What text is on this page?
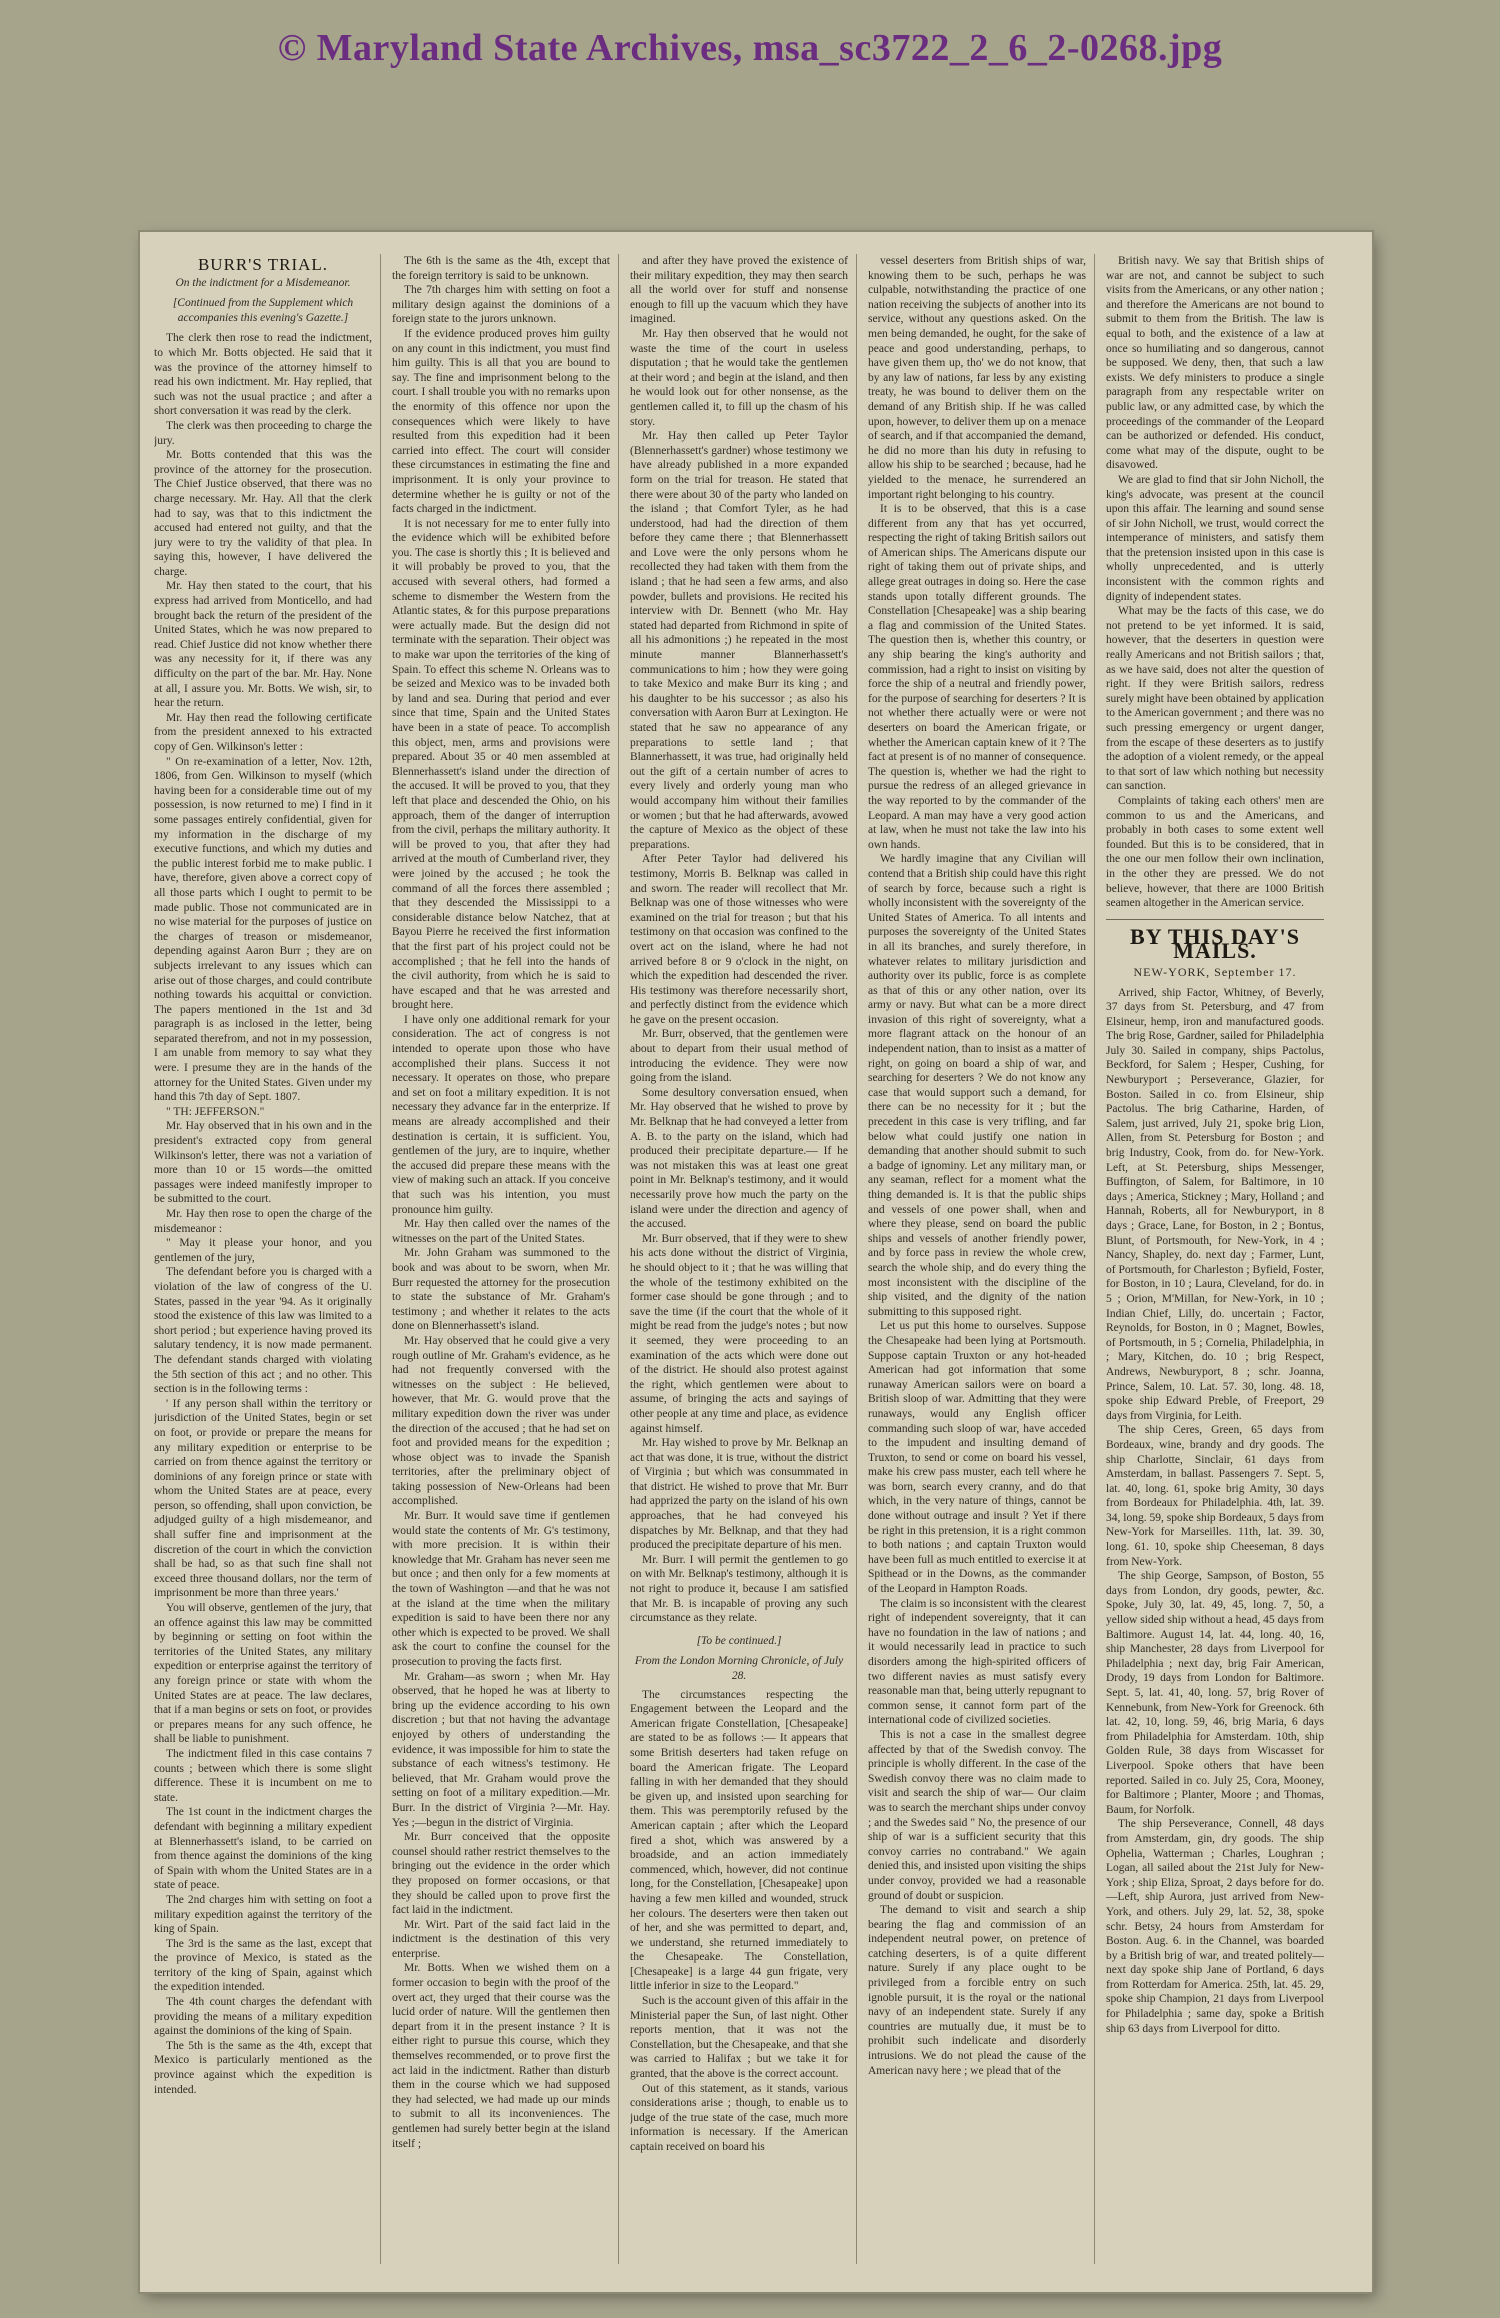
© Maryland State Archives, msa_sc3722_2_6_2-0268.jpg
BURR'S TRIAL.

On the indictment for a Misdemeanor.

[Continued from the Supplement which accompanies this evening's Gazette.]

The clerk then rose to read the indictment, to which Mr. Botts objected. He said that it was the province of the attorney himself to read his own indictment. Mr. Hay replied, that such was not the usual practice ; and after a short conversation it was read by the clerk.

The clerk was then proceeding to charge the jury.

Mr. Botts contended that this was the province of the attorney for the prosecution. The Chief Justice observed, that there was no charge necessary. Mr. Hay. All that the clerk had to say, was that to this indictment the accused had entered not guilty, and that the jury were to try the validity of that plea. In saying this, however, I have delivered the charge.

Mr. Hay then stated to the court, that his express had arrived from Monticello, and had brought back the return of the president of the United States, which he was now prepared to read. Chief Justice did not know whether there was any necessity for it, if there was any difficulty on the part of the bar. Mr. Hay. None at all, I assure you. Mr. Botts. We wish, sir, to hear the return.

Mr. Hay then read the following certificate from the president annexed to his extracted copy of Gen. Wilkinson's letter :

" On re-examination of a letter, Nov. 12th, 1806, from Gen. Wilkinson to myself (which having been for a considerable time out of my possession, is now returned to me) I find in it some passages entirely confidential, given for my information in the discharge of my executive functions, and which my duties and the public interest forbid me to make public. I have, therefore, given above a correct copy of all those parts which I ought to permit to be made public. Those not communicated are in no wise material for the purposes of justice on the charges of treason or misdemeanor, depending against Aaron Burr ; they are on subjects irrelevant to any issues which can arise out of those charges, and could contribute nothing towards his acquittal or conviction. The papers mentioned in the 1st and 3d paragraph is as inclosed in the letter, being separated therefrom, and not in my possession, I am unable from memory to say what they were. I presume they are in the hands of the attorney for the United States. Given under my hand this 7th day of Sept. 1807.

" TH: JEFFERSON."

Mr. Hay observed that in his own and in the president's extracted copy from general Wilkinson's letter, there was not a variation of more than 10 or 15 words—the omitted passages were indeed manifestly improper to be submitted to the court.

Mr. Hay then rose to open the charge of the misdemeanor :

" May it please your honor, and you gentlemen of the jury,

The defendant before you is charged with a violation of the law of congress of the U. States, passed in the year '94. As it originally stood the existence of this law was limited to a short period ; but experience having proved its salutary tendency, it is now made permanent. The defendant stands charged with violating the 5th section of this act ; and no other. This section is in the following terms :

' If any person shall within the territory or jurisdiction of the United States, begin or set on foot, or provide or prepare the means for any military expedition or enterprise to be carried on from thence against the territory or dominions of any foreign prince or state with whom the United States are at peace, every person, so offending, shall upon conviction, be adjudged guilty of a high misdemeanor, and shall suffer fine and imprisonment at the discretion of the court in which the conviction shall be had, so as that such fine shall not exceed three thousand dollars, nor the term of imprisonment be more than three years.'

You will observe, gentlemen of the jury, that an offence against this law may be committed by beginning or setting on foot within the territories of the United States, any military expedition or enterprise against the territory of any foreign prince or state with whom the United States are at peace. The law declares, that if a man begins or sets on foot, or provides or prepares means for any such offence, he shall be liable to punishment.

The indictment filed in this case contains 7 counts ; between which there is some slight difference. These it is incumbent on me to state.

The 1st count in the indictment charges the defendant with beginning a military expedient at Blennerhassett's island, to be carried on from thence against the dominions of the king of Spain with whom the United States are in a state of peace.

The 2nd charges him with setting on foot a military expedition against the territory of the king of Spain.

The 3rd is the same as the last, except that the province of Mexico, is stated as the territory of the king of Spain, against which the expedition intended.

The 4th count charges the defendant with providing the means of a military expedition against the dominions of the king of Spain.

The 5th is the same as the 4th, except that Mexico is particularly mentioned as the province against which the expedition is intended.

The 6th is the same as the 4th, except that the foreign territory is said to be unknown.

The 7th charges him with setting on foot a military design against the dominions of a foreign state to the jurors unknown.

If the evidence produced proves him guilty on any count in this indictment, you must find him guilty. This is all that you are bound to say. The fine and imprisonment belong to the court. I shall trouble you with no remarks upon the enormity of this offence nor upon the consequences which were likely to have resulted from this expedition had it been carried into effect. The court will consider these circumstances in estimating the fine and imprisonment. It is only your province to determine whether he is guilty or not of the facts charged in the indictment.

It is not necessary for me to enter fully into the evidence which will be exhibited before you. The case is shortly this ; It is believed and it will probably be proved to you, that the accused with several others, had formed a scheme to dismember the Western from the Atlantic states, & for this purpose preparations were actually made. But the design did not terminate with the separation. Their object was to make war upon the territories of the king of Spain. To effect this scheme N. Orleans was to be seized and Mexico was to be invaded both by land and sea. During that period and ever since that time, Spain and the United States have been in a state of peace. To accomplish this object, men, arms and provisions were prepared. About 35 or 40 men assembled at Blennerhassett's island under the direction of the accused. It will be proved to you, that they left that place and descended the Ohio, on his approach, them of the danger of interruption from the civil, perhaps the military authority. It will be proved to you, that after they had arrived at the mouth of Cumberland river, they were joined by the accused ; he took the command of all the forces there assembled ; that they descended the Mississippi to a considerable distance below Natchez, that at Bayou Pierre he received the first information that the first part of his project could not be accomplished ; that he fell into the hands of the civil authority, from which he is said to have escaped and that he was arrested and brought here.

I have only one additional remark for your consideration. The act of congress is not intended to operate upon those who have accomplished their plans. Success it not necessary. It operates on those, who prepare and set on foot a military expedition. It is not necessary they advance far in the enterprize. If means are already accomplished and their destination is certain, it is sufficient. You, gentlemen of the jury, are to inquire, whether the accused did prepare these means with the view of making such an attack. If you conceive that such was his intention, you must pronounce him guilty.

Mr. Hay then called over the names of the witnesses on the part of the United States.

Mr. John Graham was summoned to the book and was about to be sworn, when Mr. Burr requested the attorney for the prosecution to state the substance of Mr. Graham's testimony ; and whether it relates to the acts done on Blennerhassett's island.

Mr. Hay observed that he could give a very rough outline of Mr. Graham's evidence, as he had not frequently conversed with the witnesses on the subject : He believed, however, that Mr. G. would prove that the military expedition down the river was under the direction of the accused ; that he had set on foot and provided means for the expedition ; whose object was to invade the Spanish territories, after the preliminary object of taking possession of New-Orleans had been accomplished.

Mr. Burr. It would save time if gentlemen would state the contents of Mr. G's testimony, with more precision. It is within their knowledge that Mr. Graham has never seen me but once ; and then only for a few moments at the town of Washington —and that he was not at the island at the time when the military expedition is said to have been there nor any other which is expected to be proved. We shall ask the court to confine the counsel for the prosecution to proving the facts first.

Mr. Graham—as sworn ; when Mr. Hay observed, that he hoped he was at liberty to bring up the evidence according to his own discretion ; but that not having the advantage enjoyed by others of understanding the evidence, it was impossible for him to state the substance of each witness's testimony. He believed, that Mr. Graham would prove the setting on foot of a military expedition.—Mr. Burr. In the district of Virginia ?—Mr. Hay. Yes ;—begun in the district of Virginia.

Mr. Burr conceived that the opposite counsel should rather restrict themselves to the bringing out the evidence in the order which they proposed on former occasions, or that they should be called upon to prove first the fact laid in the indictment.

Mr. Wirt. Part of the said fact laid in the indictment is the destination of this very enterprise.

Mr. Botts. When we wished them on a former occasion to begin with the proof of the overt act, they urged that their course was the lucid order of nature. Will the gentlemen then depart from it in the present instance ? It is either right to pursue this course, which they themselves recommended, or to prove first the act laid in the indictment. Rather than disturb them in the course which we had supposed they had selected, we had made up our minds to submit to all its inconveniences. The gentlemen had surely better begin at the island itself ;

and after they have proved the existence of their military expedition, they may then search all the world over for stuff and nonsense enough to fill up the vacuum which they have imagined.

Mr. Hay then observed that he would not waste the time of the court in useless disputation ; that he would take the gentlemen at their word ; and begin at the island, and then he would look out for other nonsense, as the gentlemen called it, to fill up the chasm of his story.

Mr. Hay then called up Peter Taylor (Blennerhassett's gardner) whose testimony we have already published in a more expanded form on the trial for treason. He stated that there were about 30 of the party who landed on the island ; that Comfort Tyler, as he had understood, had had the direction of them before they came there ; that Blennerhassett and Love were the only persons whom he recollected they had taken with them from the island ; that he had seen a few arms, and also powder, bullets and provisions. He recited his interview with Dr. Bennett (who Mr. Hay stated had departed from Richmond in spite of all his admonitions ;) he repeated in the most minute manner Blannerhassett's communications to him ; how they were going to take Mexico and make Burr its king ; and his daughter to be his successor ; as also his conversation with Aaron Burr at Lexington. He stated that he saw no appearance of any preparations to settle land ; that Blannerhassett, it was true, had originally held out the gift of a certain number of acres to every lively and orderly young man who would accompany him without their families or women ; but that he had afterwards, avowed the capture of Mexico as the object of these preparations.

After Peter Taylor had delivered his testimony, Morris B. Belknap was called in and sworn. The reader will recollect that Mr. Belknap was one of those witnesses who were examined on the trial for treason ; but that his testimony on that occasion was confined to the overt act on the island, where he had not arrived before 8 or 9 o'clock in the night, on which the expedition had descended the river. His testimony was therefore necessarily short, and perfectly distinct from the evidence which he gave on the present occasion.

Mr. Burr, observed, that the gentlemen were about to depart from their usual method of introducing the evidence. They were now going from the island.

Some desultory conversation ensued, when Mr. Hay observed that he wished to prove by Mr. Belknap that he had conveyed a letter from A. B. to the party on the island, which had produced their precipitate departure.— If he was not mistaken this was at least one great point in Mr. Belknap's testimony, and it would necessarily prove how much the party on the island were under the direction and agency of the accused.

Mr. Burr observed, that if they were to shew his acts done without the district of Virginia, he should object to it ; that he was willing that the whole of the testimony exhibited on the former case should be gone through ; and to save the time (if the court that the whole of it might be read from the judge's notes ; but now it seemed, they were proceeding to an examination of the acts which were done out of the district. He should also protest against the right, which gentlemen were about to assume, of bringing the acts and sayings of other people at any time and place, as evidence against himself.

Mr. Hay wished to prove by Mr. Belknap an act that was done, it is true, without the district of Virginia ; but which was consummated in that district. He wished to prove that Mr. Burr had apprized the party on the island of his own approaches, that he had conveyed his dispatches by Mr. Belknap, and that they had produced the precipitate departure of his men.

Mr. Burr. I will permit the gentlemen to go on with Mr. Belknap's testimony, although it is not right to produce it, because I am satisfied that Mr. B. is incapable of proving any such circumstance as they relate.

[To be continued.]

From the London Morning Chronicle, of July 28.

The circumstances respecting the Engagement between the Leopard and the American frigate Constellation, [Chesapeake] are stated to be as follows :— It appears that some British deserters had taken refuge on board the American frigate. The Leopard falling in with her demanded that they should be given up, and insisted upon searching for them. This was peremptorily refused by the American captain ; after which the Leopard fired a shot, which was answered by a broadside, and an action immediately commenced, which, however, did not continue long, for the Constellation, [Chesapeake] upon having a few men killed and wounded, struck her colours. The deserters were then taken out of her, and she was permitted to depart, and, we understand, she returned immediately to the Chesapeake. The Constellation, [Chesapeake] is a large 44 gun frigate, very little inferior in size to the Leopard."

Such is the account given of this affair in the Ministerial paper the Sun, of last night. Other reports mention, that it was not the Constellation, but the Chesapeake, and that she was carried to Halifax ; but we take it for granted, that the above is the correct account.

Out of this statement, as it stands, various considerations arise ; though, to enable us to judge of the true state of the case, much more information is necessary. If the American captain received on board his

vessel deserters from British ships of war, knowing them to be such, perhaps he was culpable, notwithstanding the practice of one nation receiving the subjects of another into its service, without any questions asked. On the men being demanded, he ought, for the sake of peace and good understanding, perhaps, to have given them up, tho' we do not know, that by any law of nations, far less by any existing treaty, he was bound to deliver them on the demand of any British ship. If he was called upon, however, to deliver them up on a menace of search, and if that accompanied the demand, he did no more than his duty in refusing to allow his ship to be searched ; because, had he yielded to the menace, he surrendered an important right belonging to his country.

It is to be observed, that this is a case different from any that has yet occurred, respecting the right of taking British sailors out of American ships. The Americans dispute our right of taking them out of private ships, and allege great outrages in doing so. Here the case stands upon totally different grounds. The Constellation [Chesapeake] was a ship bearing a flag and commission of the United States. The question then is, whether this country, or any ship bearing the king's authority and commission, had a right to insist on visiting by force the ship of a neutral and friendly power, for the purpose of searching for deserters ? It is not whether there actually were or were not deserters on board the American frigate, or whether the American captain knew of it ? The fact at present is of no manner of consequence. The question is, whether we had the right to pursue the redress of an alleged grievance in the way reported to by the commander of the Leopard. A man may have a very good action at law, when he must not take the law into his own hands.

We hardly imagine that any Civilian will contend that a British ship could have this right of search by force, because such a right is wholly inconsistent with the sovereignty of the United States of America. To all intents and purposes the sovereignty of the United States in all its branches, and surely therefore, in whatever relates to military jurisdiction and authority over its public, force is as complete as that of this or any other nation, over its army or navy. But what can be a more direct invasion of this right of sovereignty, what a more flagrant attack on the honour of an independent nation, than to insist as a matter of right, on going on board a ship of war, and searching for deserters ? We do not know any case that would support such a demand, for there can be no necessity for it ; but the precedent in this case is very trifling, and far below what could justify one nation in demanding that another should submit to such a badge of ignominy. Let any military man, or any seaman, reflect for a moment what the thing demanded is. It is that the public ships and vessels of one power shall, when and where they please, send on board the public ships and vessels of another friendly power, and by force pass in review the whole crew, search the whole ship, and do every thing the most inconsistent with the discipline of the ship visited, and the dignity of the nation submitting to this supposed right.

Let us put this home to ourselves. Suppose the Chesapeake had been lying at Portsmouth. Suppose captain Truxton or any hot-headed American had got information that some runaway American sailors were on board a British sloop of war. Admitting that they were runaways, would any English officer commanding such sloop of war, have acceded to the impudent and insulting demand of Truxton, to send or come on board his vessel, make his crew pass muster, each tell where he was born, search every cranny, and do that which, in the very nature of things, cannot be done without outrage and insult ? Yet if there be right in this pretension, it is a right common to both nations ; and captain Truxton would have been full as much entitled to exercise it at Spithead or in the Downs, as the commander of the Leopard in Hampton Roads.

The claim is so inconsistent with the clearest right of independent sovereignty, that it can have no foundation in the law of nations ; and it would necessarily lead in practice to such disorders among the high-spirited officers of two different navies as must satisfy every reasonable man that, being utterly repugnant to common sense, it cannot form part of the international code of civilized societies.

This is not a case in the smallest degree affected by that of the Swedish convoy. The principle is wholly different. In the case of the Swedish convoy there was no claim made to visit and search the ship of war— Our claim was to search the merchant ships under convoy ; and the Swedes said " No, the presence of our ship of war is a sufficient security that this convoy carries no contraband." We again denied this, and insisted upon visiting the ships under convoy, provided we had a reasonable ground of doubt or suspicion.

The demand to visit and search a ship bearing the flag and commission of an independent neutral power, on pretence of catching deserters, is of a quite different nature. Surely if any place ought to be privileged from a forcible entry on such ignoble pursuit, it is the royal or the national navy of an independent state. Surely if any countries are mutually due, it must be to prohibit such indelicate and disorderly intrusions. We do not plead the cause of the American navy here ; we plead that of the

British navy. We say that British ships of war are not, and cannot be subject to such visits from the Americans, or any other nation ; and therefore the Americans are not bound to submit to them from the British. The law is equal to both, and the existence of a law at once so humiliating and so dangerous, cannot be supposed. We deny, then, that such a law exists. We defy ministers to produce a single paragraph from any respectable writer on public law, or any admitted case, by which the proceedings of the commander of the Leopard can be authorized or defended. His conduct, come what may of the dispute, ought to be disavowed.

We are glad to find that sir John Nicholl, the king's advocate, was present at the council upon this affair. The learning and sound sense of sir John Nicholl, we trust, would correct the intemperance of ministers, and satisfy them that the pretension insisted upon in this case is wholly unprecedented, and is utterly inconsistent with the common rights and dignity of independent states.

What may be the facts of this case, we do not pretend to be yet informed. It is said, however, that the deserters in question were really Americans and not British sailors ; that, as we have said, does not alter the question of right. If they were British sailors, redress surely might have been obtained by application to the American government ; and there was no such pressing emergency or urgent danger, from the escape of these deserters as to justify the adoption of a violent remedy, or the appeal to that sort of law which nothing but necessity can sanction.

Complaints of taking each others' men are common to us and the Americans, and probably in both cases to some extent well founded. But this is to be considered, that in the one our men follow their own inclination, in the other they are pressed. We do not believe, however, that there are 1000 British seamen altogether in the American service.

BY THIS DAY'S MAILS.

NEW-YORK, September 17.

Arrived, ship Factor, Whitney, of Beverly, 37 days from St. Petersburg, and 47 from Elsineur, hemp, iron and manufactured goods. The brig Rose, Gardner, sailed for Philadelphia July 30. Sailed in company, ships Pactolus, Beckford, for Salem ; Hesper, Cushing, for Newburyport ; Perseverance, Glazier, for Boston. Sailed in co. from Elsineur, ship Pactolus. The brig Catharine, Harden, of Salem, just arrived, July 21, spoke brig Lion, Allen, from St. Petersburg for Boston ; and brig Industry, Cook, from do. for New-York. Left, at St. Petersburg, ships Messenger, Buffington, of Salem, for Baltimore, in 10 days ; America, Stickney ; Mary, Holland ; and Hannah, Roberts, all for Newburyport, in 8 days ; Grace, Lane, for Boston, in 2 ; Bontus, Blunt, of Portsmouth, for New-York, in 4 ; Nancy, Shapley, do. next day ; Farmer, Lunt, of Portsmouth, for Charleston ; Byfield, Foster, for Boston, in 10 ; Laura, Cleveland, for do. in 5 ; Orion, M'Millan, for New-York, in 10 ; Indian Chief, Lilly, do. uncertain ; Factor, Reynolds, for Boston, in 0 ; Magnet, Bowles, of Portsmouth, in 5 ; Cornelia, Philadelphia, in ; Mary, Kitchen, do. 10 ; brig Respect, Andrews, Newburyport, 8 ; schr. Joanna, Prince, Salem, 10. Lat. 57. 30, long. 48. 18, spoke ship Edward Preble, of Freeport, 29 days from Virginia, for Leith.

The ship Ceres, Green, 65 days from Bordeaux, wine, brandy and dry goods. The ship Charlotte, Sinclair, 61 days from Amsterdam, in ballast. Passengers 7. Sept. 5, lat. 40, long. 61, spoke brig Amity, 30 days from Bordeaux for Philadelphia. 4th, lat. 39. 34, long. 59, spoke ship Bordeaux, 5 days from New-York for Marseilles. 11th, lat. 39. 30, long. 61. 10, spoke ship Cheeseman, 8 days from New-York.

The ship George, Sampson, of Boston, 55 days from London, dry goods, pewter, &c. Spoke, July 30, lat. 49, 45, long. 7, 50, a yellow sided ship without a head, 45 days from Baltimore. August 14, lat. 44, long. 40, 16, ship Manchester, 28 days from Liverpool for Philadelphia ; next day, brig Fair American, Drody, 19 days from London for Baltimore. Sept. 5, lat. 41, 40, long. 57, brig Rover of Kennebunk, from New-York for Greenock. 6th lat. 42, 10, long. 59, 46, brig Maria, 6 days from Philadelphia for Amsterdam. 10th, ship Golden Rule, 38 days from Wiscasset for Liverpool. Spoke others that have been reported. Sailed in co. July 25, Cora, Mooney, for Baltimore ; Planter, Moore ; and Thomas, Baum, for Norfolk.

The ship Perseverance, Connell, 48 days from Amsterdam, gin, dry goods. The ship Ophelia, Watterman ; Charles, Loughran ; Logan, all sailed about the 21st July for New-York ; ship Eliza, Sproat, 2 days before for do.—Left, ship Aurora, just arrived from New-York, and others. July 29, lat. 52, 38, spoke schr. Betsy, 24 hours from Amsterdam for Boston. Aug. 6. in the Channel, was boarded by a British brig of war, and treated politely—next day spoke ship Jane of Portland, 6 days from Rotterdam for America. 25th, lat. 45. 29, spoke ship Champion, 21 days from Liverpool for Philadelphia ; same day, spoke a British ship 63 days from Liverpool for ditto.
